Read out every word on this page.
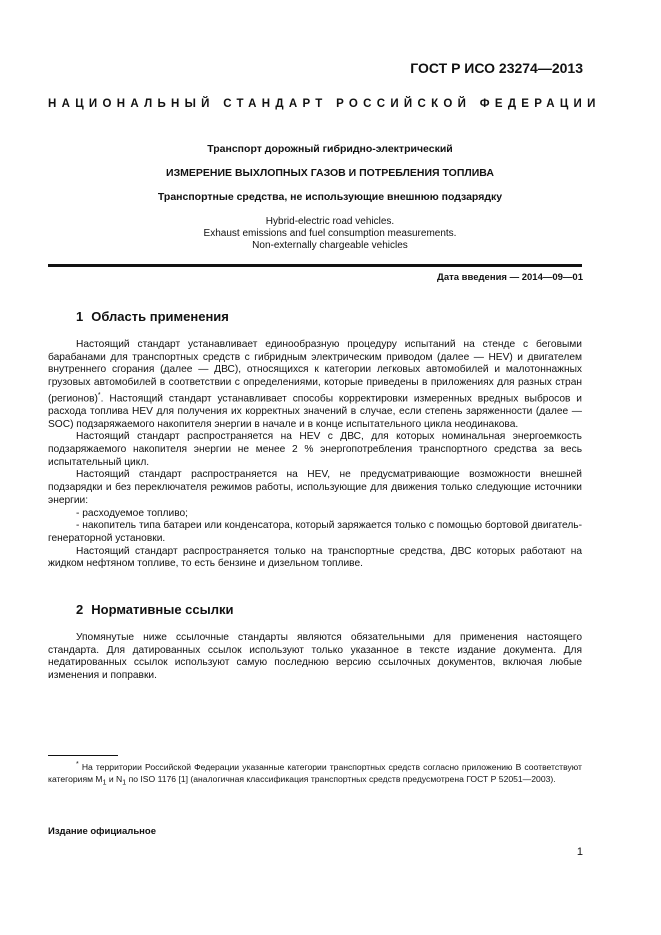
ГОСТ Р ИСО 23274—2013
НАЦИОНАЛЬНЫЙ СТАНДАРТ РОССИЙСКОЙ ФЕДЕРАЦИИ
Транспорт дорожный гибридно-электрический
ИЗМЕРЕНИЕ ВЫХЛОПНЫХ ГАЗОВ И ПОТРЕБЛЕНИЯ ТОПЛИВА
Транспортные средства, не использующие внешнюю подзарядку
Hybrid-electric road vehicles.
Exhaust emissions and fuel consumption measurements.
Non-externally chargeable vehicles
Дата введения — 2014—09—01
1 Область применения

Настоящий стандарт устанавливает единообразную процедуру испытаний на стенде с беговыми барабанами для транспортных средств с гибридным электрическим приводом (далее — HEV) и двигателем внутреннего сгорания (далее — ДВС), относящихся к категории легковых автомобилей и малотоннажных грузовых автомобилей в соответствии с определениями, которые приведены в приложениях для разных стран (регионов)*. Настоящий стандарт устанавливает способы корректировки измеренных вредных выбросов и расхода топлива HEV для получения их корректных значений в случае, если степень заряженности (далее — SOC) подзаряжаемого накопителя энергии в начале и в конце испытательного цикла неодинакова.

Настоящий стандарт распространяется на HEV с ДВС, для которых номинальная энергоемкость подзаряжаемого накопителя энергии не менее 2 % энергопотребления транспортного средства за весь испытательный цикл.

Настоящий стандарт распространяется на HEV, не предусматривающие возможности внешней подзарядки и без переключателя режимов работы, использующие для движения только следующие источники энергии:

- расходуемое топливо;

- накопитель типа батареи или конденсатора, который заряжается только с помощью бортовой двигатель-генераторной установки.

Настоящий стандарт распространяется только на транспортные средства, ДВС которых работают на жидком нефтяном топливе, то есть бензине и дизельном топливе.

2 Нормативные ссылки

Упомянутые ниже ссылочные стандарты являются обязательными для применения настоящего стандарта. Для датированных ссылок используют только указанное в тексте издание документа. Для недатированных ссылок используют самую последнюю версию ссылочных документов, включая любые изменения и поправки.

* На территории Российской Федерации указанные категории транспортных средств согласно приложению В соответствуют категориям $М_1$ и $N_1$ по ISO 1176 [1] (аналогичная классификация транспортных средств предусмотрена ГОСТ Р 52051—2003).
Издание официальное
1
